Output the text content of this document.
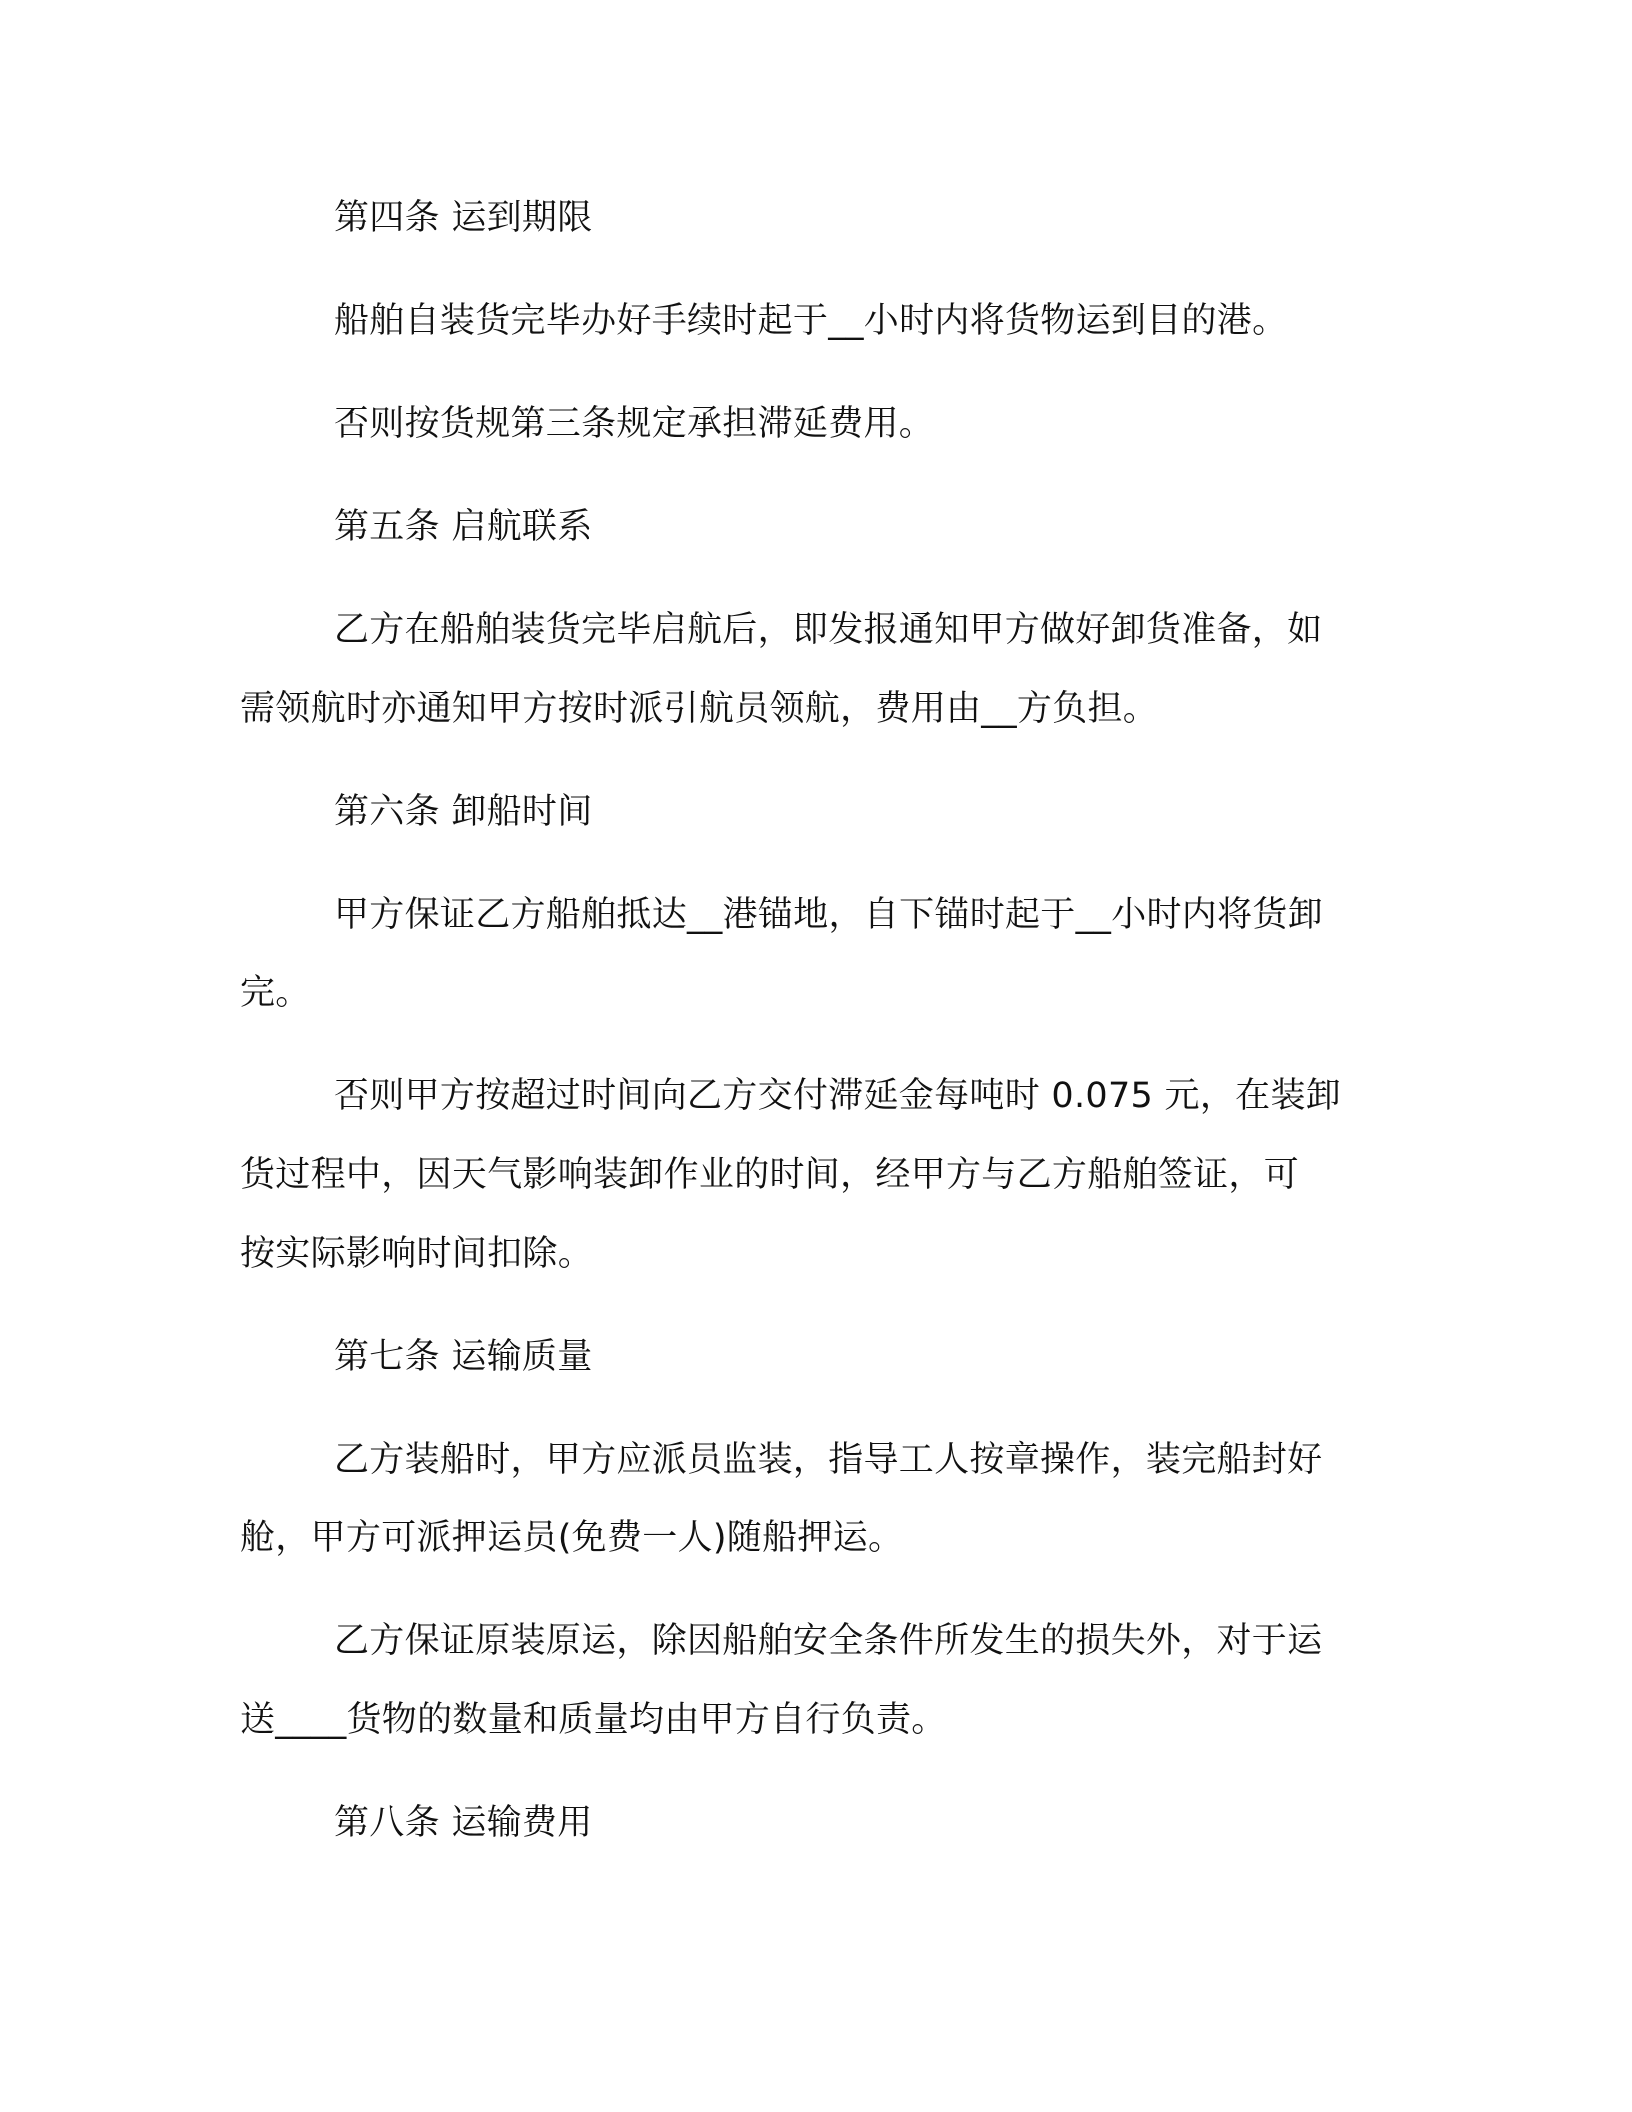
第四条 运到期限
船舶自装货完毕办好手续时起于__小时内将货物运到目的港。
否则按货规第三条规定承担滞延费用。
第五条 启航联系
乙方在船舶装货完毕启航后，即发报通知甲方做好卸货准备，如
需领航时亦通知甲方按时派引航员领航，费用由__方负担。
第六条 卸船时间
甲方保证乙方船舶抵达__港锚地，自下锚时起于__小时内将货卸
完。
否则甲方按超过时间向乙方交付滞延金每吨时 0.075 元，在装卸
货过程中，因天气影响装卸作业的时间，经甲方与乙方船舶签证，可
按实际影响时间扣除。
第七条 运输质量
乙方装船时，甲方应派员监装，指导工人按章操作，装完船封好
舱，甲方可派押运员(免费一人)随船押运。
乙方保证原装原运，除因船舶安全条件所发生的损失外，对于运
送____货物的数量和质量均由甲方自行负责。
第八条 运输费用
